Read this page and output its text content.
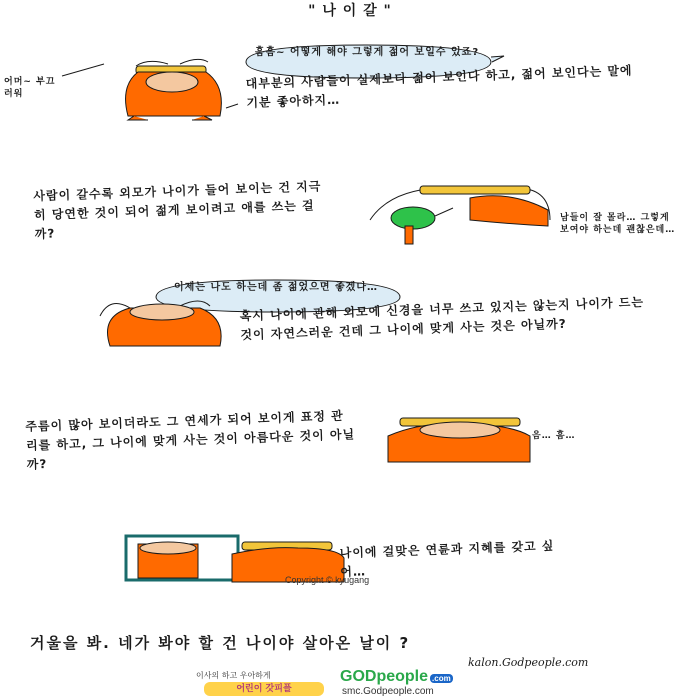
" 나 이 갈 "
흠흠~ 어떻게 해야 그렇게 젊어 보일수 있죠?
어머~ 부끄러워
대부분의 사람들이 실제보다 젊어 보인다 하고, 젊어 보인다는 말에 기분 좋아하지…
사람이 갈수록 외모가 나이가 들어 보이는 건 지극히 당연한 것이 되어 젊게 보이려고 애를 쓰는 걸까?
남들이 잘 몰라… 그렇게 보여야 하는데 괜찮은데…
이제는 나도 하는데 좀 젊었으면 좋겠다…
혹시 나이에 관해 외모에 신경을 너무 쓰고 있지는 않는지 나이가 드는 것이 자연스러운 건데 그 나이에 맞게 사는 것은 아닐까?
주름이 많아 보이더라도 그 연세가 되어 보이게 표정 관리를 하고, 그 나이에 맞게 사는 것이 아름다운 것이 아닐까?
음… 흠…
나이에 걸맞은 연륜과 지혜를 갖고 싶어…
Copyright © kyugang
거울을 봐. 네가 봐야 할 건 나이야 살아온 날이 ?
kalon.Godpeople.com
이사의 하고 우아하게
어린이 갓피플
GODpeople .com
smc.Godpeople.com
